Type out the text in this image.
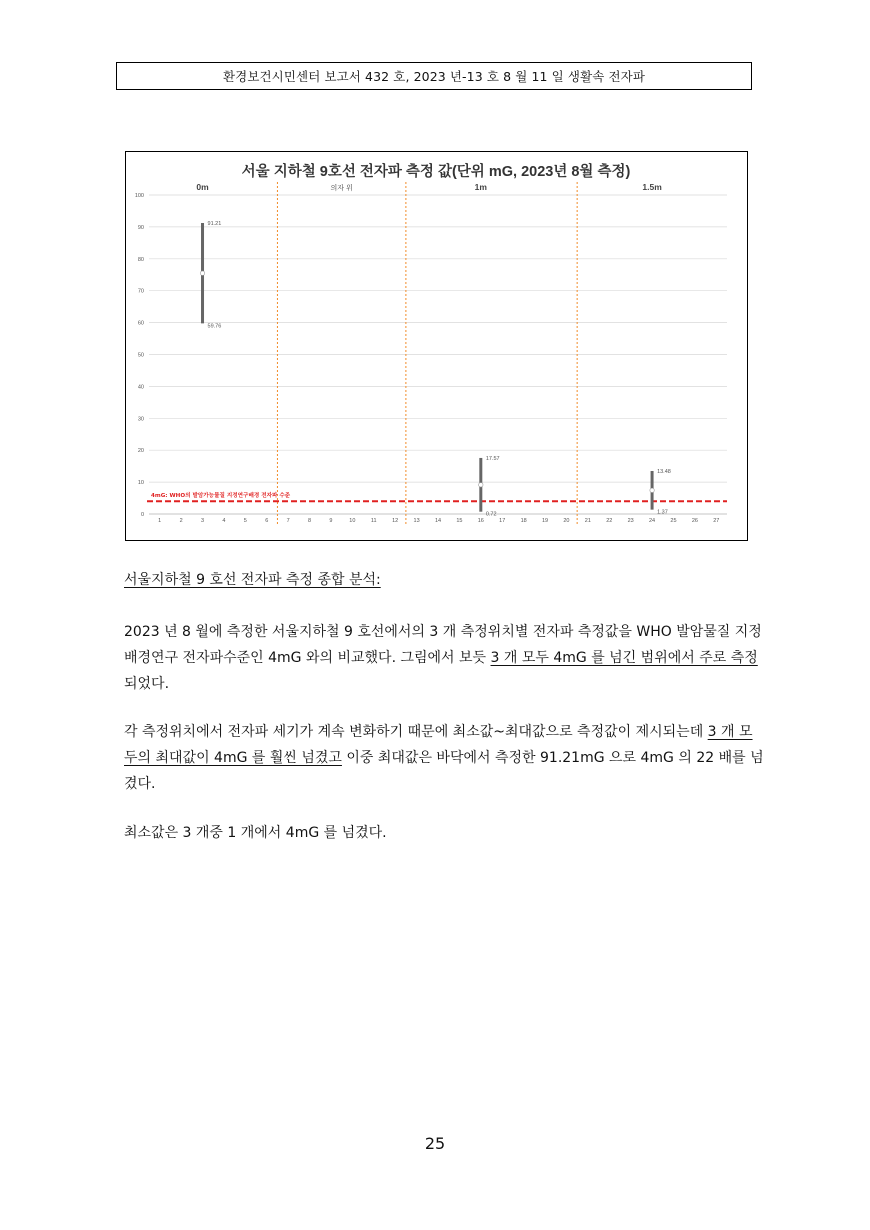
환경보건시민센터 보고서 432 호, 2023 년-13 호 8 월 11 일 생활속 전자파
서울 지하철 9호선 전자파 측정 값(단위 mG, 2023년 8월 측정)
0m	의자 위	1m	1.5m
4mG: WHO의 발암가능물질 지정연구배경 전자파 수준
91.21
59.76
17.57
0.72
13.48
1.37
0
10
20
30
40
50
60
70
80
90
100
1	2	3	4	5	6	7	8	9	10	11	12	13	14	15	16	17	18	19	20	21	22	23	24	25	26	27
서울지하철 9 호선 전자파 측정 종합 분석:
2023 년 8 월에 측정한 서울지하철 9 호선에서의 3 개 측정위치별 전자파 측정값을 WHO 발암물질 지정배경연구 전자파수준인 4mG 와의 비교했다. 그림에서 보듯 3 개 모두 4mG 를 넘긴 범위에서 주로 측정되었다.
각 측정위치에서 전자파 세기가 계속 변화하기 때문에 최소값~최대값으로 측정값이 제시되는데 3 개 모두의 최대값이 4mG 를 훨씬 넘겼고 이중 최대값은 바닥에서 측정한 91.21mG 으로 4mG 의 22 배를 넘겼다.
최소값은 3 개중 1 개에서 4mG 를 넘겼다.
25
